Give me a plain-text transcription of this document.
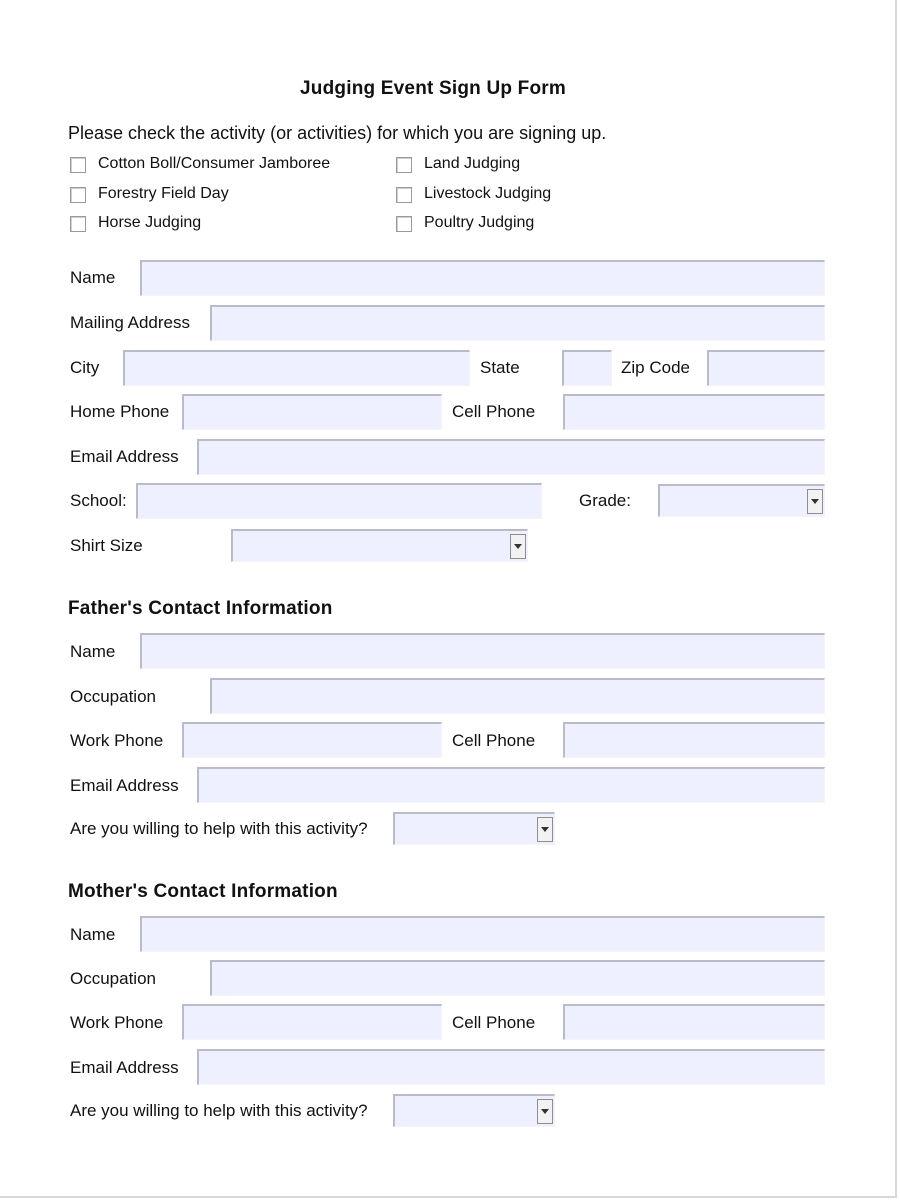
Judging Event Sign Up Form
Please check the activity (or activities) for which you are signing up.
Cotton Boll/Consumer Jamboree
Forestry Field Day
Horse Judging
Land Judging
Livestock Judging
Poultry Judging
Name
Mailing Address
City	State	Zip Code
Home Phone	Cell Phone
Email Address
School:	Grade:
Shirt Size
Father's Contact Information
Name
Occupation
Work Phone	Cell Phone
Email Address
Are you willing to help with this activity?
Mother's Contact Information
Name
Occupation
Work Phone	Cell Phone
Email Address
Are you willing to help with this activity?
